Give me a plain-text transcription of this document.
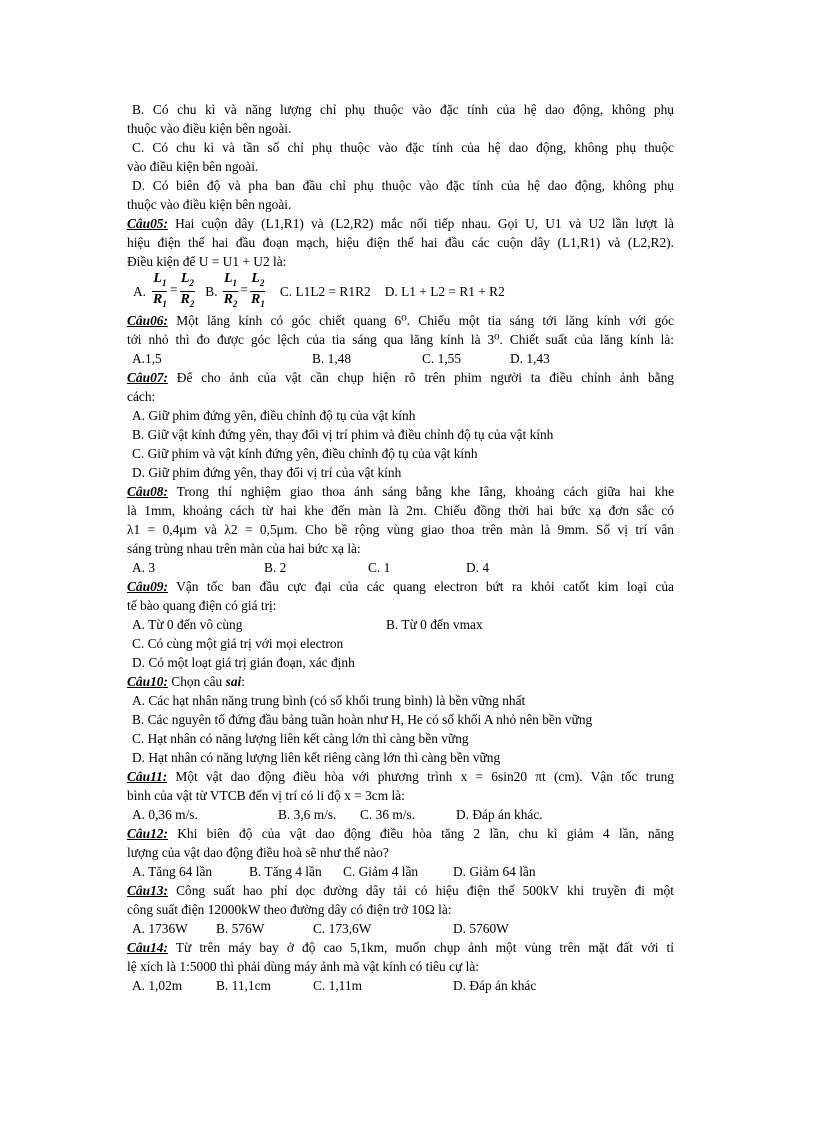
B. Có chu kì và năng lượng chỉ phụ thuộc vào đặc tính của hệ dao động, không phụ
thuộc vào điều kiện bên ngoài.
C. Có chu kì và tần số chỉ phụ thuộc vào đặc tính của hệ dao động, không phụ thuộc
vào điều kiện bên ngoài.
D. Có biên độ và pha ban đầu chỉ phụ thuộc vào đặc tính của hệ dao động, không phụ
thuộc vào điều kiện bên ngoài.
Câu05: Hai cuộn dây (L1,R1) và (L2,R2) mắc nối tiếp nhau. Gọi U, U1 và U2 lần lượt là
hiệu điện thế hai đầu đoạn mạch, hiệu điện thế hai đầu các cuộn dây (L1,R1) và (L2,R2).
Điều kiện để U = U1 + U2 là:
A. $\frac{L_1}{R_1} = \frac{L_2}{R_2} B$. $\frac{L_1}{R_2} = \frac{L_2}{R_1} C$. L1L2 = R1R2 D. L1 + L2 = R1 + R2
Câu06: Một lăng kính có góc chiết quang 6⁰. Chiếu một tia sáng tới lăng kính với góc
tới nhỏ thì đo được góc lệch của tia sáng qua lăng kính là 3⁰. Chiết suất của lăng kính là:
A.1,5	B. 1,48	C. 1,55	D. 1,43
Câu07: Để cho ảnh của vật cần chụp hiện rõ trên phim người ta điều chỉnh ảnh bằng
cách:
A. Giữ phim đứng yên, điều chỉnh độ tụ của vật kính
B. Giữ vật kính đứng yên, thay đổi vị trí phim và điều chỉnh độ tụ của vật kính
C. Giữ phim và vật kính đứng yên, điều chỉnh độ tụ của vật kính
D. Giữ phim đứng yên, thay đổi vị trí của vật kính
Câu08: Trong thí nghiệm giao thoa ánh sáng bằng khe Iâng, khoảng cách giữa hai khe
là 1mm, khoảng cách từ hai khe đến màn là 2m. Chiếu đồng thời hai bức xạ đơn sắc có
λ1 = 0,4μm và λ2 = 0,5μm. Cho bề rộng vùng giao thoa trên màn là 9mm. Số vị trí vân
sáng trùng nhau trên màn của hai bức xạ là:
A. 3	B. 2	C. 1	D. 4
Câu09: Vận tốc ban đầu cực đại của các quang electron bứt ra khỏi catốt kim loại của
tế bào quang điện có giá trị:
A. Từ 0 đến vô cùng	B. Từ 0 đến vmax
C. Có cùng một giá trị với mọi electron
D. Có một loạt giá trị gián đoạn, xác định
Câu10: Chọn câu sai:
A. Các hạt nhân năng trung bình (có số khối trung bình) là bền vững nhất
B. Các nguyên tố đứng đầu bảng tuần hoàn như H, He có số khối A nhỏ nên bền vững
C. Hạt nhân có năng lượng liên kết càng lớn thì càng bền vững
D. Hạt nhân có năng lượng liên kết riêng càng lớn thì càng bền vững
Câu11: Một vật dao động điều hòa với phương trình x = 6sin20 πt (cm). Vận tốc trung
bình của vật từ VTCB đến vị trí có li độ x = 3cm là:
A. 0,36 m/s.	B. 3,6 m/s.	C. 36 m/s.	D. Đáp án khác.
Câu12: Khi biên độ của vật dao động điều hòa tăng 2 lần, chu kì giảm 4 lần, năng
lượng của vật dao động điều hoà sẽ như thế nào?
A. Tăng 64 lần	B. Tăng 4 lần	C. Giảm 4 lần	D. Giảm 64 lần
Câu13: Công suất hao phí dọc đường dây tải có hiệu điện thế 500kV khi truyền đi một
công suất điện 12000kW theo đường dây có điện trở 10Ω là:
A. 1736W	B. 576W	C. 173,6W	D. 5760W
Câu14: Từ trên máy bay ở độ cao 5,1km, muốn chụp ảnh một vùng trên mặt đất với tỉ
lệ xích là 1:5000 thì phải dùng máy ảnh mà vật kính có tiêu cự là:
A. 1,02m	B. 11,1cm	C. 1,11m	D. Đáp án khác
